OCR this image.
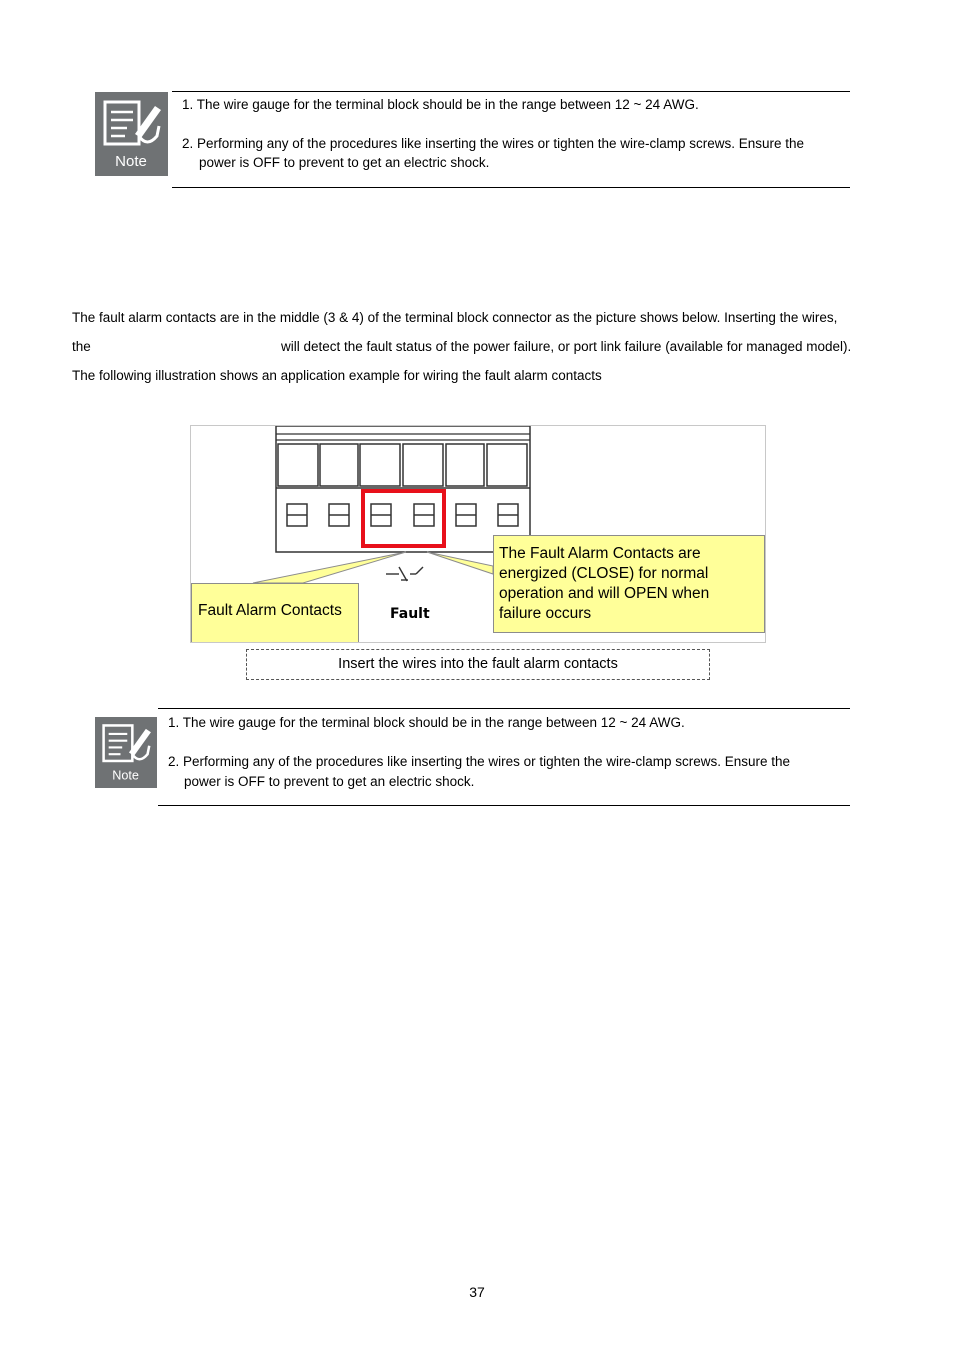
Note
1. The wire gauge for the terminal block should be in the range between 12 ~ 24 AWG.
2. Performing any of the procedures like inserting the wires or tighten the wire-clamp screws. Ensure the
power is OFF to prevent to get an electric shock.
The fault alarm contacts are in the middle (3 & 4) of the terminal block connector as the picture shows below. Inserting the wires,
the	will detect the fault status of the power failure, or port link failure (available for managed model).
The following illustration shows an application example for wiring the fault alarm contacts
Fault Alarm Contacts
The Fault Alarm Contacts are
energized (CLOSE) for normal
operation and will OPEN when
failure occurs
Fault
Insert the wires into the fault alarm contacts
Note
1. The wire gauge for the terminal block should be in the range between 12 ~ 24 AWG.
2. Performing any of the procedures like inserting the wires or tighten the wire-clamp screws. Ensure the
power is OFF to prevent to get an electric shock.
37
